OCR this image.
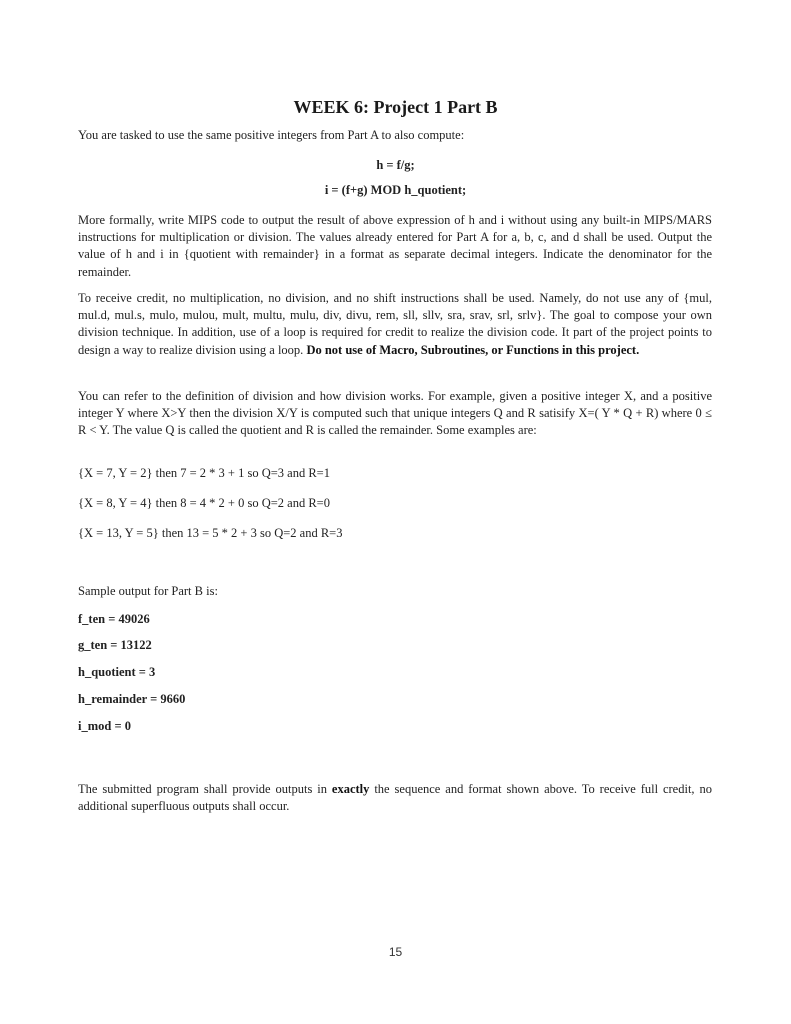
WEEK 6: Project 1 Part B
You are tasked to use the same positive integers from Part A to also compute:
h = f/g;
i = (f+g) MOD h_quotient;
More formally, write MIPS code to output the result of above expression of h and i without using any built-in MIPS/MARS instructions for multiplication or division. The values already entered for Part A for a, b, c, and d shall be used. Output the value of h and i in {quotient with remainder} in a format as separate decimal integers. Indicate the denominator for the remainder.
To receive credit, no multiplication, no division, and no shift instructions shall be used. Namely, do not use any of {mul, mul.d, mul.s, mulo, mulou, mult, multu, mulu, div, divu, rem, sll, sllv, sra, srav, srl, srlv}. The goal to compose your own division technique. In addition, use of a loop is required for credit to realize the division code. It part of the project points to design a way to realize division using a loop. Do not use of Macro, Subroutines, or Functions in this project.
You can refer to the definition of division and how division works. For example, given a positive integer X, and a positive integer Y where X>Y then the division X/Y is computed such that unique integers Q and R satisify X=( Y * Q + R) where 0 ≤ R < Y. The value Q is called the quotient and R is called the remainder. Some examples are:
{X = 7, Y = 2} then 7 = 2 * 3 + 1 so Q=3 and R=1
{X = 8, Y = 4} then 8 = 4 * 2 + 0 so Q=2 and R=0
{X = 13, Y = 5} then 13 = 5 * 2 + 3 so Q=2 and R=3
Sample output for Part B is:
f_ten = 49026
g_ten = 13122
h_quotient = 3
h_remainder = 9660
i_mod = 0
The submitted program shall provide outputs in exactly the sequence and format shown above. To receive full credit, no additional superfluous outputs shall occur.
15
